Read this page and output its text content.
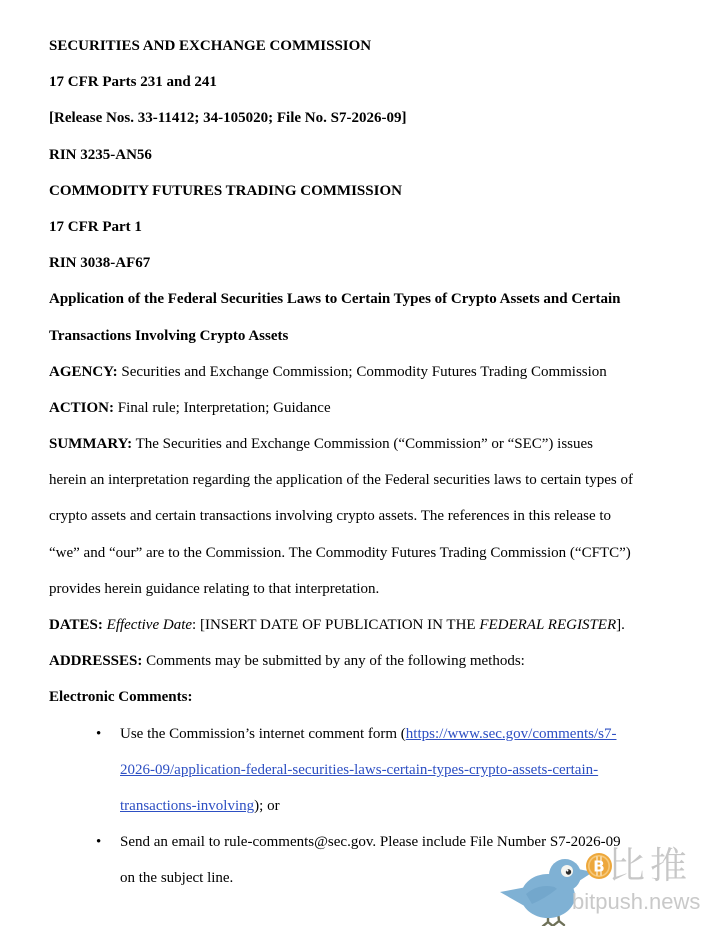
SECURITIES AND EXCHANGE COMMISSION
17 CFR Parts 231 and 241
[Release Nos. 33-11412; 34-105020; File No. S7-2026-09]
RIN 3235-AN56
COMMODITY FUTURES TRADING COMMISSION
17 CFR Part 1
RIN 3038-AF67
Application of the Federal Securities Laws to Certain Types of Crypto Assets and Certain
Transactions Involving Crypto Assets
AGENCY: Securities and Exchange Commission; Commodity Futures Trading Commission
ACTION: Final rule; Interpretation; Guidance
SUMMARY: The Securities and Exchange Commission (“Commission” or “SEC”) issues
herein an interpretation regarding the application of the Federal securities laws to certain types of
crypto assets and certain transactions involving crypto assets. The references in this release to
“we” and “our” are to the Commission. The Commodity Futures Trading Commission (“CFTC”)
provides herein guidance relating to that interpretation.
DATES: Effective Date: [INSERT DATE OF PUBLICATION IN THE FEDERAL REGISTER].
ADDRESSES: Comments may be submitted by any of the following methods:
Electronic Comments:
• Use the Commission’s internet comment form (https://www.sec.gov/comments/s7-
2026-09/application-federal-securities-laws-certain-types-crypto-assets-certain-
transactions-involving); or
• Send an email to rule-comments@sec.gov. Please include File Number S7-2026-09
on the subject line.
B 比推
bitpush.news
